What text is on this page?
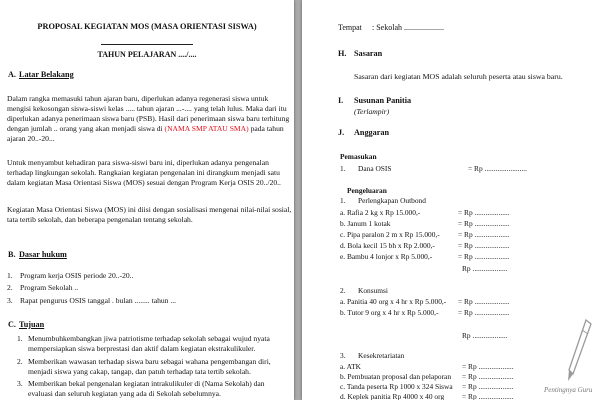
PROPOSAL KEGIATAN MOS (MASA ORIENTASI SISWA)
TAHUN PELAJARAN ..../....
A. Latar Belakang
Dalam rangka memasuki tahun ajaran baru, diperlukan adanya regenerasi siswa untuk
mengisi kekosongan siswa-siswi kelas ..... tahun ajaran ...-.... yang telah lulus. Maka dari itu
diperlukan adanya penerimaan siswa baru (PSB). Hasil dari penerimaan siswa baru terhitung
dengan jumlah .. orang yang akan menjadi siswa di (NAMA SMP ATAU SMA) pada tahun
ajaran 20..-20...
Untuk menyambut kehadiran para siswa-siswi baru ini, diperlukan adanya pengenalan
terhadap lingkungan sekolah. Rangkaian kegiatan pengenalan ini dirangkum menjadi satu
dalam kegiatan Masa Orientasi Siswa (MOS) sesuai dengan Program Kerja OSIS 20../20..
Kegiatan Masa Orientasi Siswa (MOS) ini diisi dengan sosialisasi mengenai nilai-nilai sosial,
tata tertib sekolah, dan beberapa pengenalan tentang sekolah.
B. Dasar hukum
1. Program kerja OSIS periode 20..-20..
2. Program Sekolah ..
3. Rapat pengurus OSIS tanggal . bulan ........ tahun ...
C. Tujuan
1. Menumbuhkembangkan jiwa patriotisme terhadap sekolah sebagai wujud nyata
mempersiapkan siswa berprestasi dan aktif dalam kegiatan ekstrakulikuler.
2. Memberikan wawasan terhadap siswa baru sebagai wahana pengembangan diri,
menjadi siswa yang cakap, tangap, dan patuh terhadap tata tertib sekolah.
3. Memberikan bekal pengenalan kegiatan intrakulikuler di (Nama Sekolah) dan
evaluasi dan seluruh kegiatan yang ada di Sekolah sebelumnya.
Tempat : Sekolah ....................
H. Sasaran
Sasaran dari kegiatan MOS adalah seluruh peserta atau siswa baru.
I. Susunan Panitia
(Terlampir)
J. Anggaran
Pemasukan
1. Dana OSIS	= Rp .......................
Pengeluaran
1. Perlengkapan Outbond
a. Rafia 2 kg x Rp 15.000,-	= Rp ...................
b. Janum 1 kotak	= Rp ...................
c. Pipa paralon 2 m x Rp 15.000,- = Rp ...................
d. Bola kecil 15 bh x Rp 2.000,-	= Rp ...................
e. Bambu 4 lonjor x Rp 5.000,-	= Rp ...................
Rp ...................
2. Konsumsi
a. Panitia 40 org x 4 hr x Rp 5.000,- = Rp ...................
b. Tutor 9 org x 4 hr x Rp 5.000,-	= Rp ...................
Rp ...................
3. Kesekretariatan
a. ATK	= Rp ...................
b. Pembuatan proposal dan pelaporan = Rp ...................
c. Tanda peserta Rp 1000 x 324 Siswa = Rp ...................
d. Keplek panitia Rp 4000 x 40 org = Rp ...................
Pentingnya Guru
